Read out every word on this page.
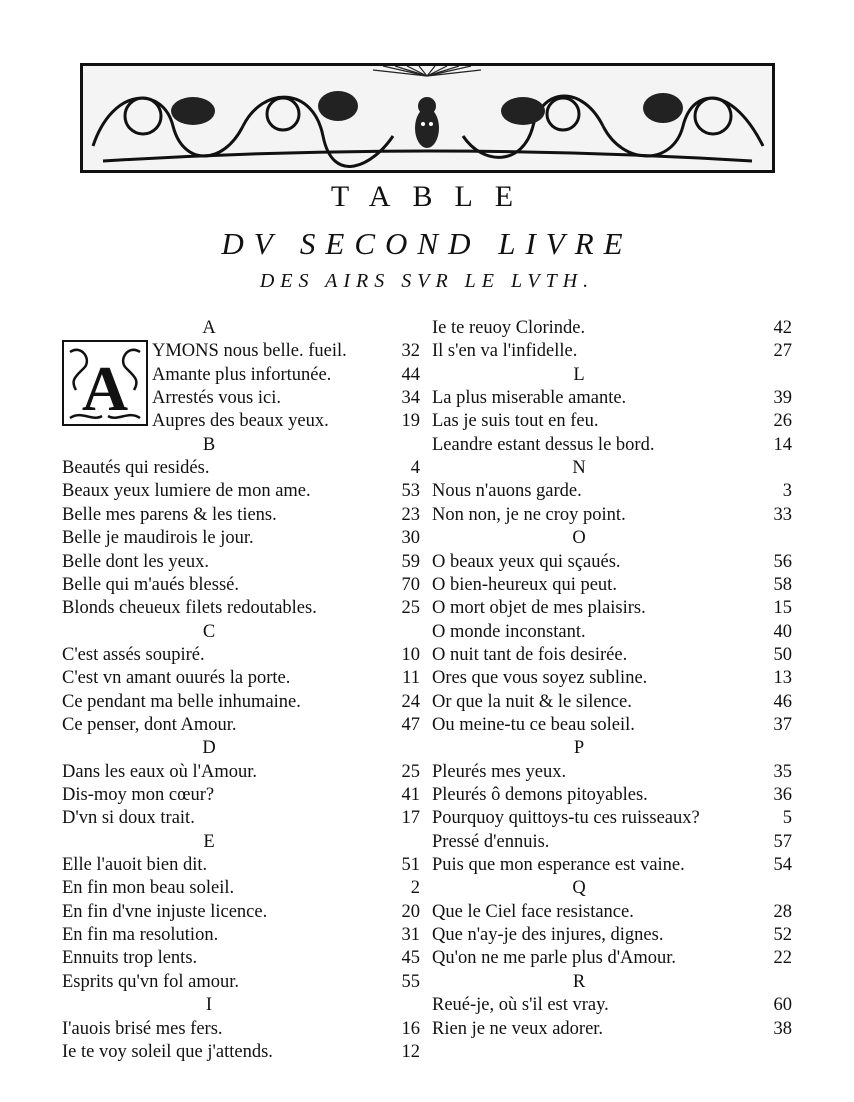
TABLE
DV SECOND LIVRE
DES AIRS SVR LE LVTH.
A
A
YMONS nous belle. fueil.	32
Amante plus infortunée.	44
Arrestés vous ici.	34
Aupres des beaux yeux.	19
B
Beautés qui residés.	4
Beaux yeux lumiere de mon ame.	53
Belle mes parens & les tiens.	23
Belle je maudirois le jour.	30
Belle dont les yeux.	59
Belle qui m'aués blessé.	70
Blonds cheueux filets redoutables.	25
C
C'est assés soupiré.	10
C'est vn amant ouurés la porte.	11
Ce pendant ma belle inhumaine.	24
Ce penser, dont Amour.	47
D
Dans les eaux où l'Amour.	25
Dis-moy mon cœur?	41
D'vn si doux trait.	17
E
Elle l'auoit bien dit.	51
En fin mon beau soleil.	2
En fin d'vne injuste licence.	20
En fin ma resolution.	31
Ennuits trop lents.	45
Esprits qu'vn fol amour.	55
I
I'auois brisé mes fers.	16
Ie te voy soleil que j'attends.	12
Ie te reuoy Clorinde.	42
Il s'en va l'infidelle.	27
L
La plus miserable amante.	39
Las je suis tout en feu.	26
Leandre estant dessus le bord.	14
N
Nous n'auons garde.	3
Non non, je ne croy point.	33
O
O beaux yeux qui sçaués.	56
O bien-heureux qui peut.	58
O mort objet de mes plaisirs.	15
O monde inconstant.	40
O nuit tant de fois desirée.	50
Ores que vous soyez subline.	13
Or que la nuit & le silence.	46
Ou meine-tu ce beau soleil.	37
P
Pleurés mes yeux.	35
Pleurés ô demons pitoyables.	36
Pourquoy quittoys-tu ces ruisseaux?	5
Pressé d'ennuis.	57
Puis que mon esperance est vaine.	54
Q
Que le Ciel face resistance.	28
Que n'ay-je des injures, dignes.	52
Qu'on ne me parle plus d'Amour.	22
R
Reué-je, où s'il est vray.	60
Rien je ne veux adorer.	38
